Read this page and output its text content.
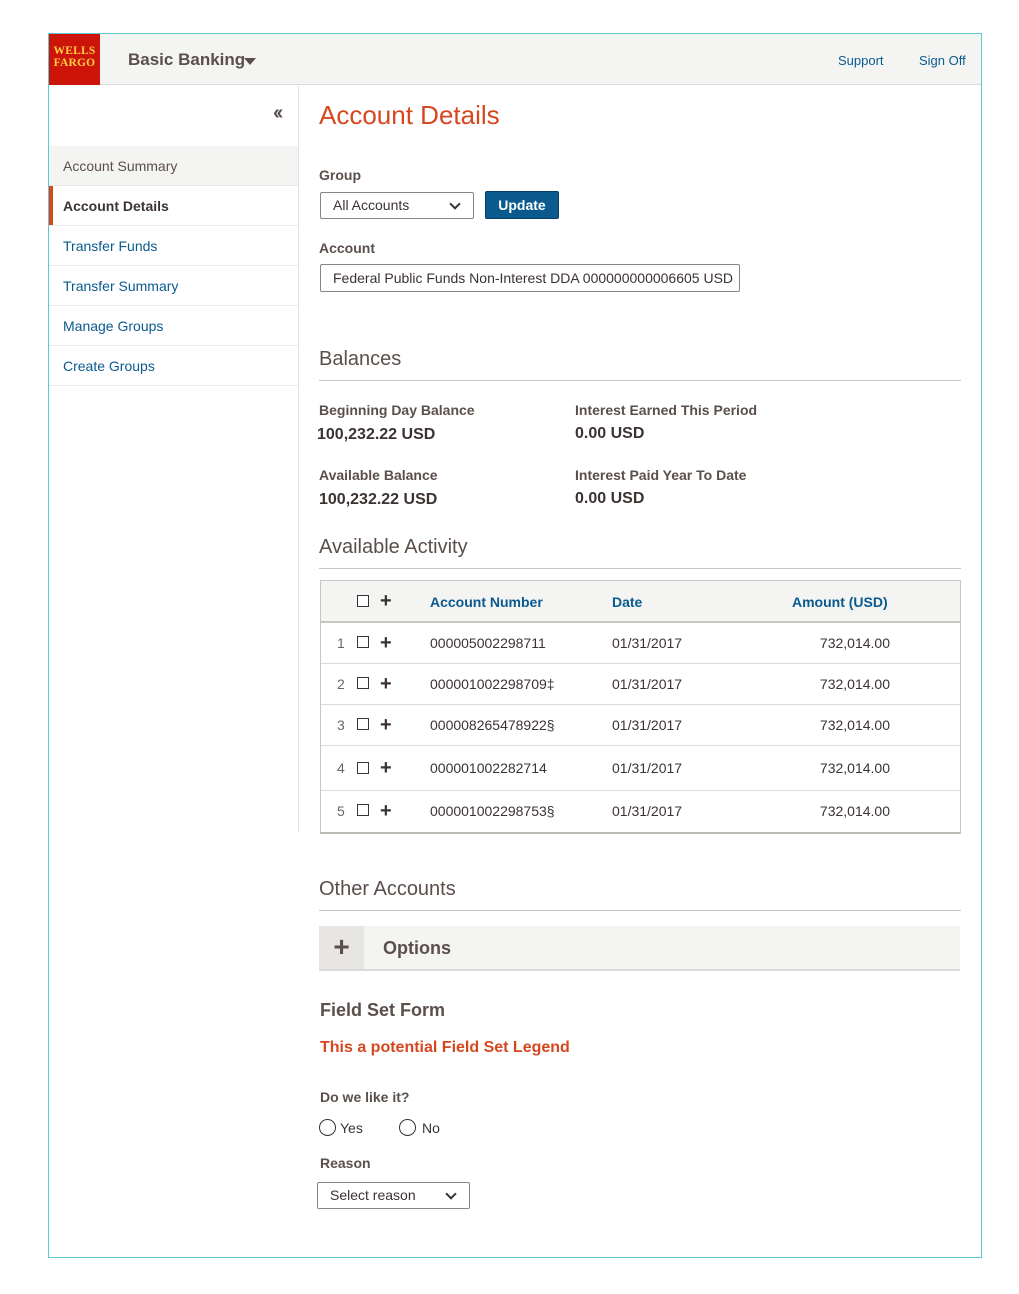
WELLS
FARGO Basic Banking	Support	Sign Off
‹‹
Account Summary
Account Details
Transfer Funds
Transfer Summary
Manage Groups
Create Groups
Account Details
Group
All Accounts	Update
Account
Federal Public Funds Non-Interest DDA 000000000006605 USD
Balances
Beginning Day Balance
100,232.22 USD
Interest Earned This Period
0.00 USD
Available Balance
100,232.22 USD
Interest Paid Year To Date
0.00 USD
Available Activity
+	Account Number	Date	Amount (USD)
1 +	000005002298711	01/31/2017	732,014.00
2 +	000001002298709‡	01/31/2017	732,014.00
3 +	000008265478922§	01/31/2017	732,014.00
4 +	000001002282714	01/31/2017	732,014.00
5 +	000001002298753§	01/31/2017	732,014.00
Other Accounts
+	Options
Field Set Form
This a potential Field Set Legend
Do we like it?
Yes	No
Reason
Select reason
